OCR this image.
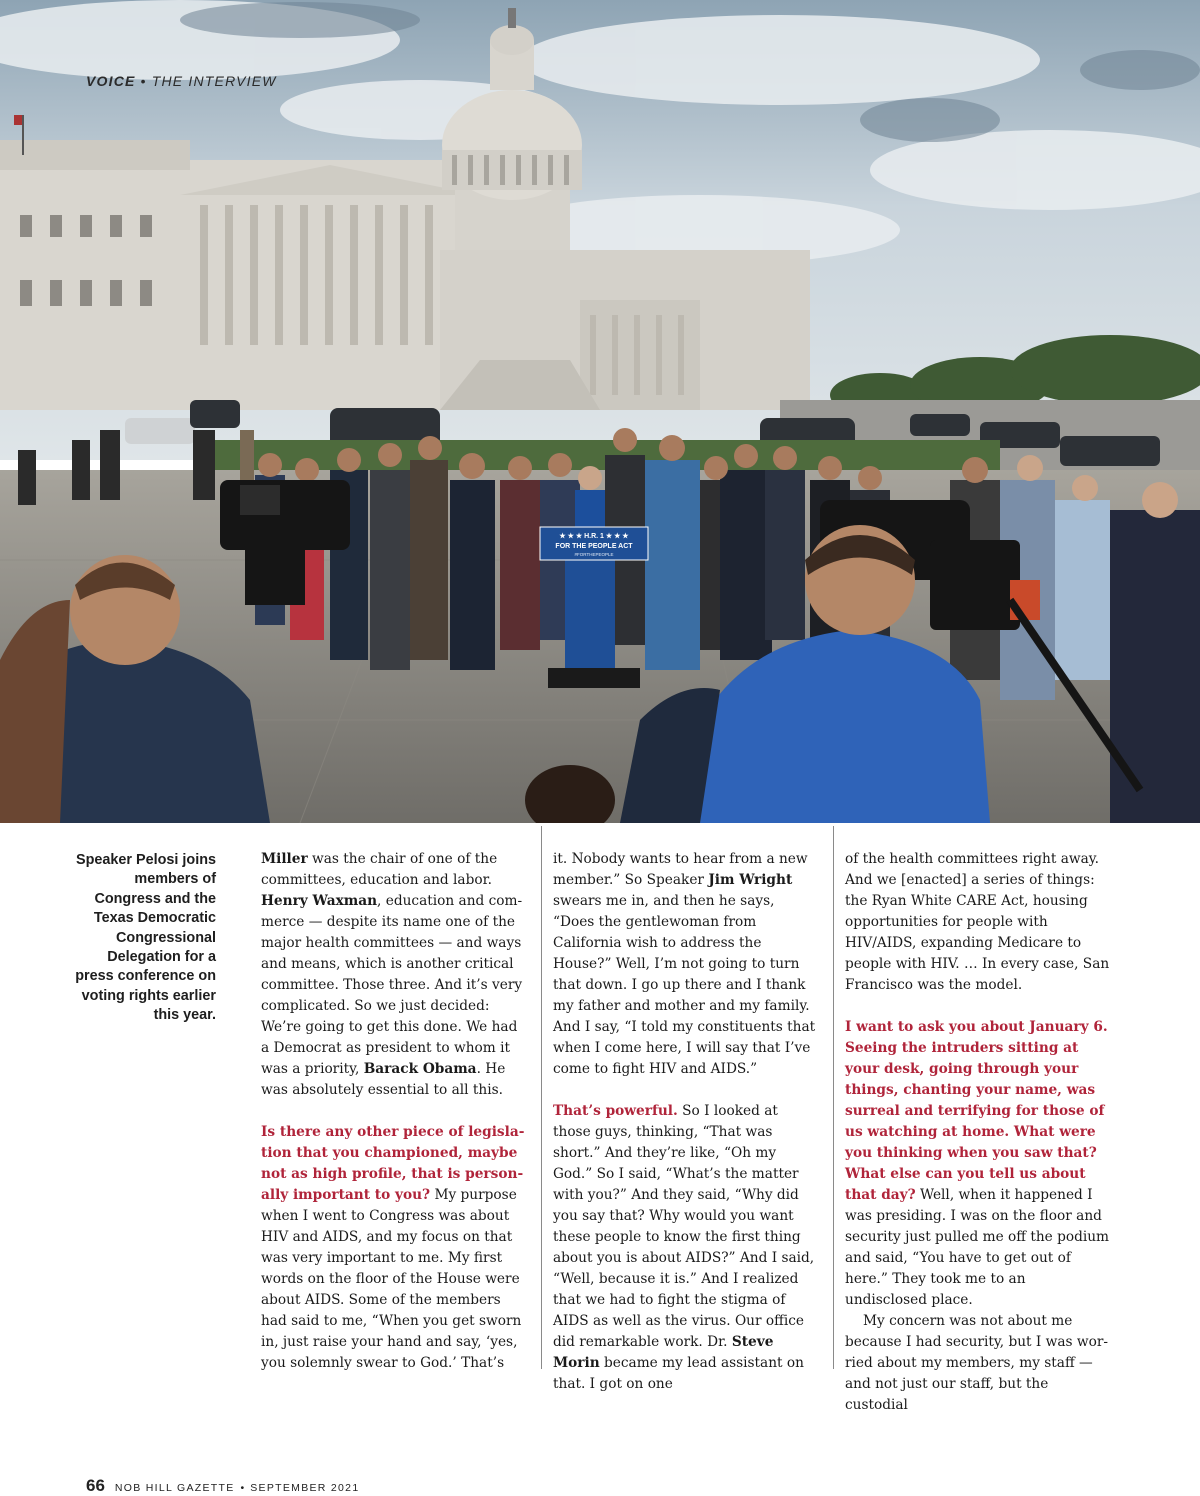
★ ★ ★ H.R. 1 ★ ★ ★
FOR THE PEOPLE ACT
#FORTHEPEOPLE
VOICE • THE INTERVIEW
Speaker Pelosi joins members of Congress and the Texas Democratic Congressional Delegation for a press conference on voting rights earlier this year.

Miller was the chair of one of the committees, education and labor. Henry Waxman, education and commerce — despite its name one of the major health committees — and ways and means, which is another critical committee. Those three. And it’s very complicated. So we just decided: We’re going to get this done. We had a Democrat as president to whom it was a priority, Barack Obama. He was absolutely essential to all this.

Is there any other piece of legislation that you championed, maybe not as high profile, that is personally important to you? My purpose when I went to Congress was about HIV and AIDS, and my focus on that was very important to me. My first words on the floor of the House were about AIDS. Some of the members had said to me, “When you get sworn in, just raise your hand and say, ‘yes, you solemnly swear to God.’ That’s

it. Nobody wants to hear from a new member.” So Speaker Jim Wright swears me in, and then he says, “Does the gentlewoman from California wish to address the House?” Well, I’m not going to turn that down. I go up there and I thank my father and mother and my family. And I say, “I told my constituents that when I come here, I will say that I’ve come to fight HIV and AIDS.”

That’s powerful. So I looked at those guys, thinking, “That was short.” And they’re like, “Oh my God.” So I said, “What’s the matter with you?” And they said, “Why did you say that? Why would you want these people to know the first thing about you is about AIDS?” And I said, “Well, because it is.” And I realized that we had to fight the stigma of AIDS as well as the virus. Our office did remarkable work. Dr. Steve Morin became my lead assistant on that. I got on one

of the health committees right away. And we [enacted] a series of things: the Ryan White CARE Act, housing opportunities for people with HIV/AIDS, expanding Medicare to people with HIV. … In every case, San Francisco was the model.

I want to ask you about January 6. Seeing the intruders sitting at your desk, going through your things, chanting your name, was surreal and terrifying for those of us watching at home. What were you thinking when you saw that? What else can you tell us about that day? Well, when it happened I was presiding. I was on the floor and security just pulled me off the podium and said, “You have to get out of here.” They took me to an undisclosed place.

My concern was not about me because I had security, but I was worried about my members, my staff — and not just our staff, but the custodial

66 NOB HILL GAZETTE • SEPTEMBER 2021
